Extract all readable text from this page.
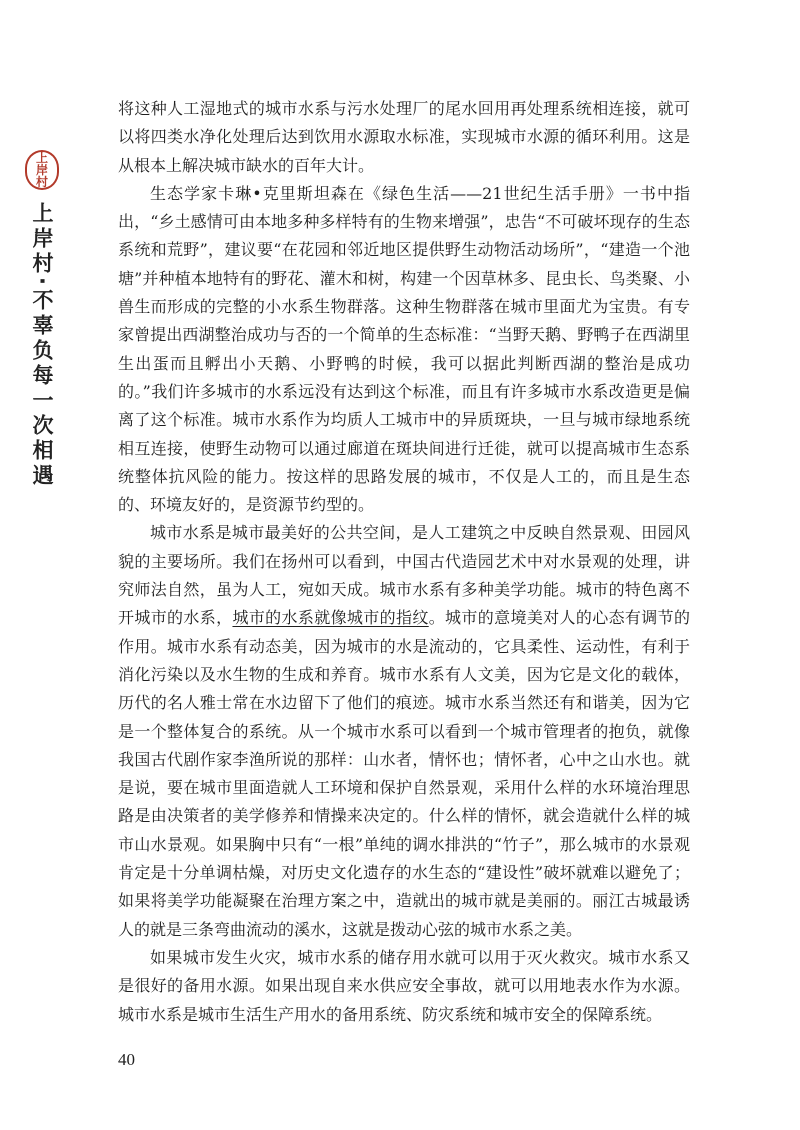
上
岸
村
上岸村·不辜负每一次相遇

将这种人工湿地式的城市水系与污水处理厂的尾水回用再处理系统相连接，就可以将四类水净化处理后达到饮用水源取水标准，实现城市水源的循环利用。这是从根本上解决城市缺水的百年大计。

生态学家卡琳•克里斯坦森在《绿色生活——21世纪生活手册》一书中指出，“乡土感情可由本地多种多样特有的生物来增强”，忠告“不可破坏现存的生态系统和荒野”，建议要“在花园和邻近地区提供野生动物活动场所”，“建造一个池塘”并种植本地特有的野花、灌木和树，构建一个因草林多、昆虫长、鸟类聚、小兽生而形成的完整的小水系生物群落。这种生物群落在城市里面尤为宝贵。有专家曾提出西湖整治成功与否的一个简单的生态标准：“当野天鹅、野鸭子在西湖里生出蛋而且孵出小天鹅、小野鸭的时候，我可以据此判断西湖的整治是成功的。”我们许多城市的水系远没有达到这个标准，而且有许多城市水系改造更是偏离了这个标准。城市水系作为均质人工城市中的异质斑块，一旦与城市绿地系统相互连接，使野生动物可以通过廊道在斑块间进行迁徙，就可以提高城市生态系统整体抗风险的能力。按这样的思路发展的城市，不仅是人工的，而且是生态的、环境友好的，是资源节约型的。

城市水系是城市最美好的公共空间，是人工建筑之中反映自然景观、田园风貌的主要场所。我们在扬州可以看到，中国古代造园艺术中对水景观的处理，讲究师法自然，虽为人工，宛如天成。城市水系有多种美学功能。城市的特色离不开城市的水系，城市的水系就像城市的指纹。城市的意境美对人的心态有调节的作用。城市水系有动态美，因为城市的水是流动的，它具柔性、运动性，有利于消化污染以及水生物的生成和养育。城市水系有人文美，因为它是文化的载体，历代的名人雅士常在水边留下了他们的痕迹。城市水系当然还有和谐美，因为它是一个整体复合的系统。从一个城市水系可以看到一个城市管理者的抱负，就像我国古代剧作家李渔所说的那样：山水者，情怀也；情怀者，心中之山水也。就是说，要在城市里面造就人工环境和保护自然景观，采用什么样的水环境治理思路是由决策者的美学修养和情操来决定的。什么样的情怀，就会造就什么样的城市山水景观。如果胸中只有“一根”单纯的调水排洪的“竹子”，那么城市的水景观肯定是十分单调枯燥，对历史文化遗存的水生态的“建设性”破坏就难以避免了；如果将美学功能凝聚在治理方案之中，造就出的城市就是美丽的。丽江古城最诱人的就是三条弯曲流动的溪水，这就是拨动心弦的城市水系之美。

如果城市发生火灾，城市水系的储存用水就可以用于灭火救灾。城市水系又是很好的备用水源。如果出现自来水供应安全事故，就可以用地表水作为水源。城市水系是城市生活生产用水的备用系统、防灾系统和城市安全的保障系统。

40
